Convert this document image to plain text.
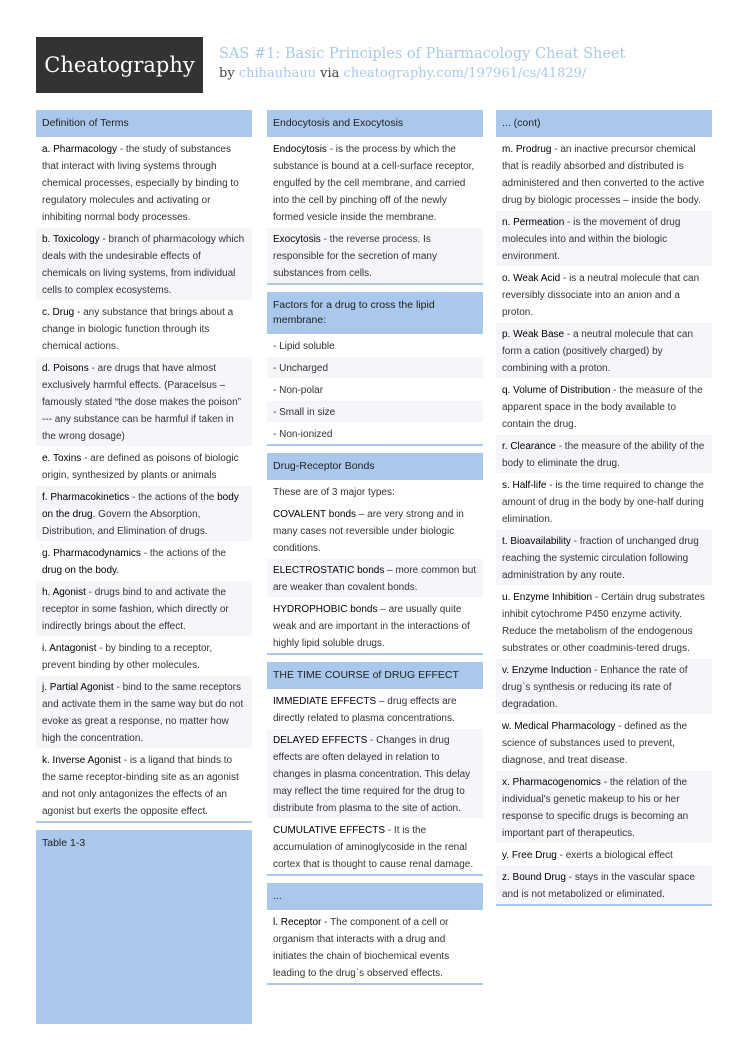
Cheatography	SAS #1: Basic Principles of Pharmacology Cheat Sheet
by chihauhauu via cheatography.com/197961/cs/41829/
Definition of Terms
a. Pharmacology - the study of substances that interact with living systems through chemical processes, especially by binding to regulatory molecules and activating or inhibiting normal body processes.
b. Toxicology - branch of pharmacology which deals with the undesirable effects of chemicals on living systems, from individual cells to complex ecosystems.
c. Drug - any substance that brings about a change in biologic function through its chemical actions.
d. Poisons - are drugs that have almost exclusively harmful effects. (Paracelsus – famously stated “the dose makes the poison” --- any substance can be harmful if taken in the wrong dosage)
e. Toxins - are defined as poisons of biologic origin, synthesized by plants or animals
f. Pharmacokinetics - the actions of the body on the drug. Govern the Absorption, Distribution, and Elimination of drugs.
g. Pharmacodynamics - the actions of the drug on the body.
h. Agonist - drugs bind to and activate the receptor in some fashion, which directly or indirectly brings about the effect.
i. Antagonist - by binding to a receptor, prevent binding by other molecules.
j. Partial Agonist - bind to the same receptors and activate them in the same way but do not evoke as great a response, no matter how high the concentration.
k. Inverse Agonist - is a ligand that binds to the same receptor-binding site as an agonist and not only antagonizes the effects of an agonist but exerts the opposite effect.
Table 1-3
Endocytosis and Exocytosis
Endocytosis - is the process by which the substance is bound at a cell-surface receptor, engulfed by the cell membrane, and carried into the cell by pinching off of the newly formed vesicle inside the membrane.
Exocytosis - the reverse process. Is responsible for the secretion of many substances from cells.
Factors for a drug to cross the lipid membrane:
- Lipid soluble
- Uncharged
- Non-polar
- Small in size
- Non-ionized
Drug-Receptor Bonds
These are of 3 major types:
COVALENT bonds – are very strong and in many cases not reversible under biologic conditions.
ELECTROSTATIC bonds – more common but are weaker than covalent bonds.
HYDROPHOBIC bonds – are usually quite weak and are important in the interactions of highly lipid soluble drugs.
THE TIME COURSE of DRUG EFFECT
IMMEDIATE EFFECTS – drug effects are directly related to plasma concentrations.
DELAYED EFFECTS - Changes in drug effects are often delayed in relation to changes in plasma concentration. This delay may reflect the time required for the drug to distribute from plasma to the site of action.
CUMULATIVE EFFECTS - It is the accumulation of aminoglycoside in the renal cortex that is thought to cause renal damage.
...
l. Receptor - The component of a cell or organism that interacts with a drug and initiates the chain of biochemical events leading to the drug`s observed effects.
... (cont)
m. Prodrug - an inactive precursor chemical that is readily absorbed and distributed is administered and then converted to the active drug by biologic processes – inside the body.
n. Permeation - is the movement of drug molecules into and within the biologic environment.
o. Weak Acid - is a neutral molecule that can reversibly dissociate into an anion and a proton.
p. Weak Base - a neutral molecule that can form a cation (positively charged) by combining with a proton.
q. Volume of Distribution - the measure of the apparent space in the body available to contain the drug.
r. Clearance - the measure of the ability of the body to eliminate the drug.
s. Half-life - is the time required to change the amount of drug in the body by one-half during elimination.
t. Bioavailability - fraction of unchanged drug reaching the systemic circulation following administration by any route.
u. Enzyme Inhibition - Certain drug substrates inhibit cytochrome P450 enzyme activity. Reduce the metabolism of the endogenous substrates or other coadminis-tered drugs.
v. Enzyme Induction - Enhance the rate of drug`s synthesis or reducing its rate of degradation.
w. Medical Pharmacology - defined as the science of substances used to prevent, diagnose, and treat disease.
x. Pharmacogenomics - the relation of the individual's genetic makeup to his or her response to specific drugs is becoming an important part of therapeutics.
y. Free Drug - exerts a biological effect
z. Bound Drug - stays in the vascular space and is not metabolized or eliminated.
